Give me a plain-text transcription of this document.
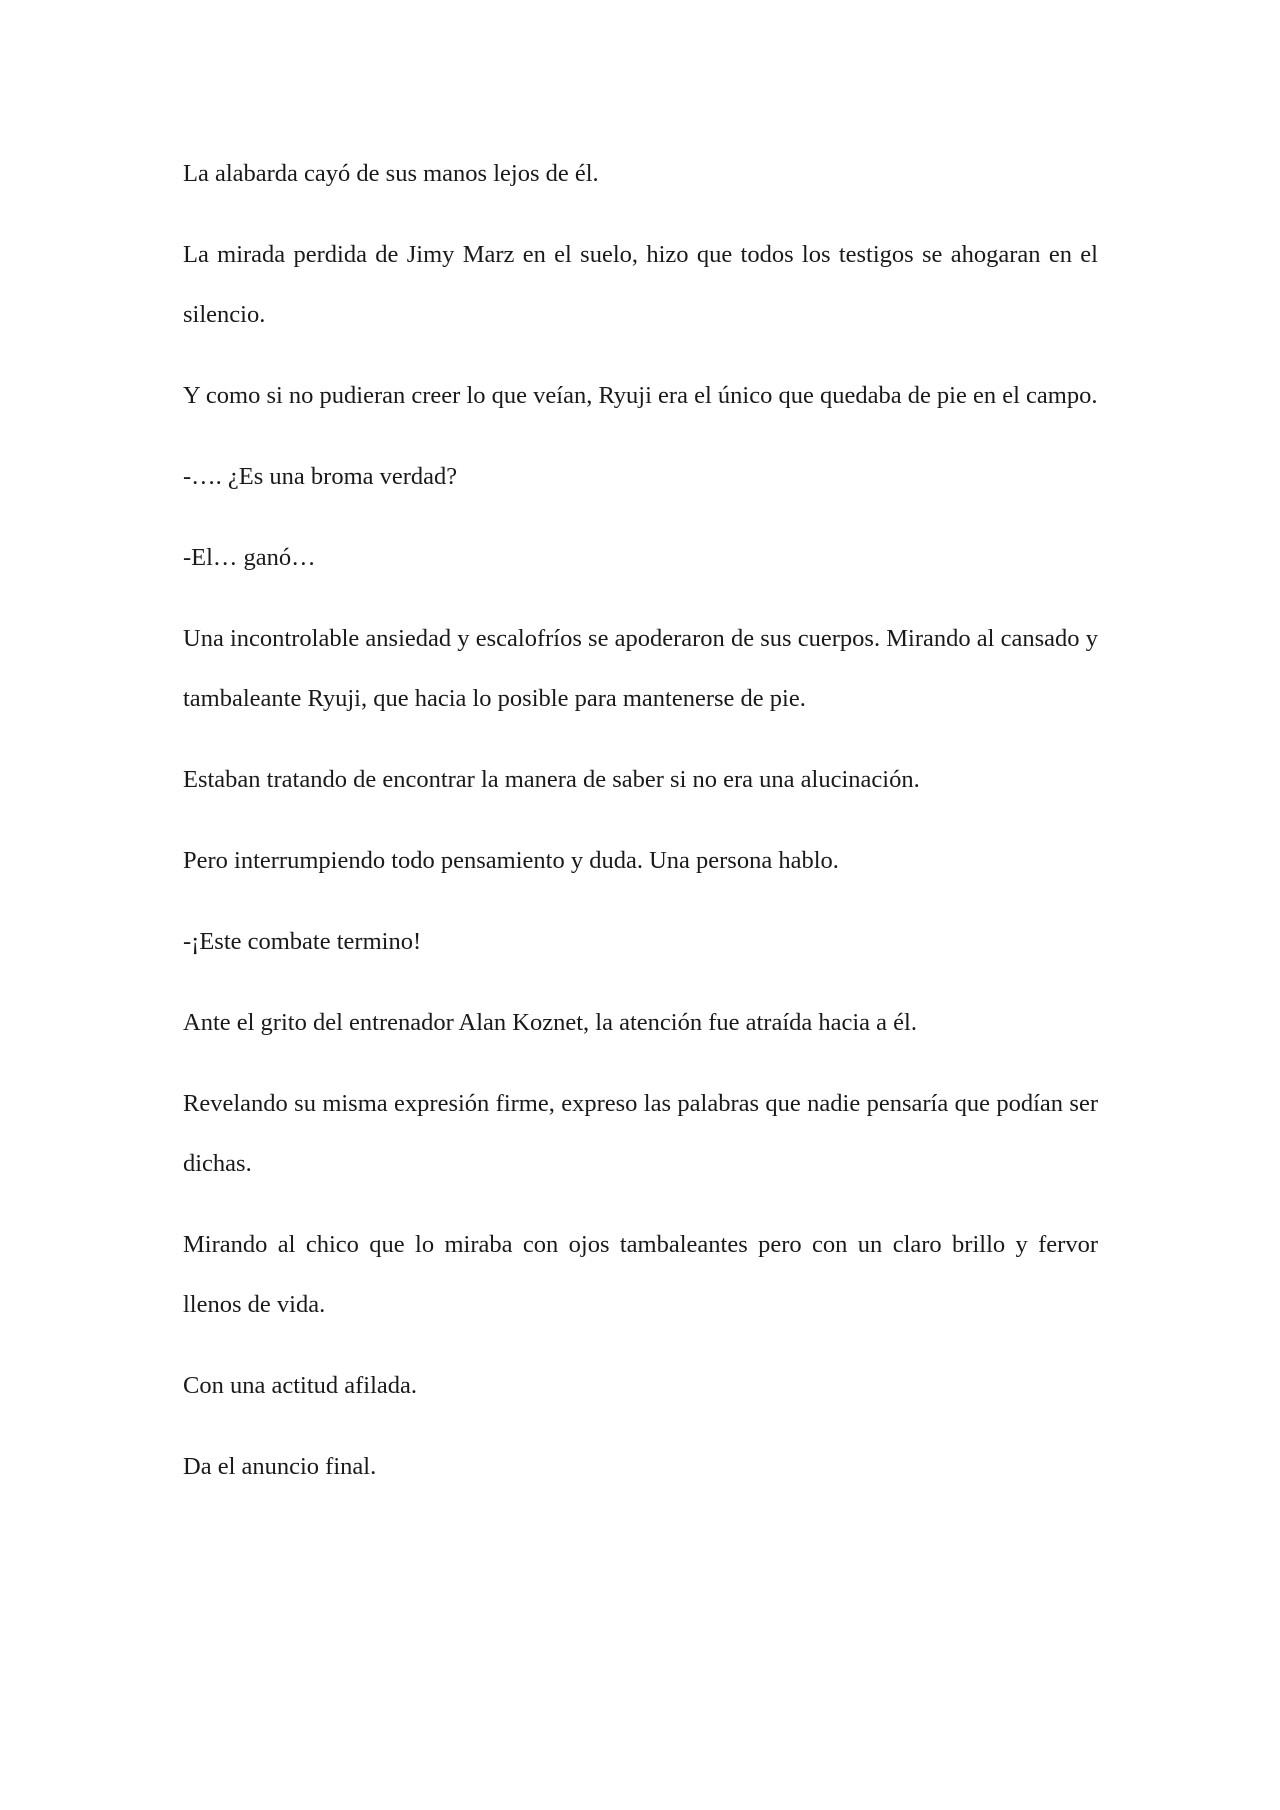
La alabarda cayó de sus manos lejos de él.

La mirada perdida de Jimy Marz en el suelo, hizo que todos los testigos se ahogaran en el silencio.

Y como si no pudieran creer lo que veían, Ryuji era el único que quedaba de pie en el campo.

-…. ¿Es una broma verdad?

-El… ganó…

Una incontrolable ansiedad y escalofríos se apoderaron de sus cuerpos. Mirando al cansado y tambaleante Ryuji, que hacia lo posible para mantenerse de pie.

Estaban tratando de encontrar la manera de saber si no era una alucinación.

Pero interrumpiendo todo pensamiento y duda. Una persona hablo.

-¡Este combate termino!

Ante el grito del entrenador Alan Koznet, la atención fue atraída hacia a él.

Revelando su misma expresión firme, expreso las palabras que nadie pensaría que podían ser dichas.

Mirando al chico que lo miraba con ojos tambaleantes pero con un claro brillo y fervor llenos de vida.

Con una actitud afilada.

Da el anuncio final.
